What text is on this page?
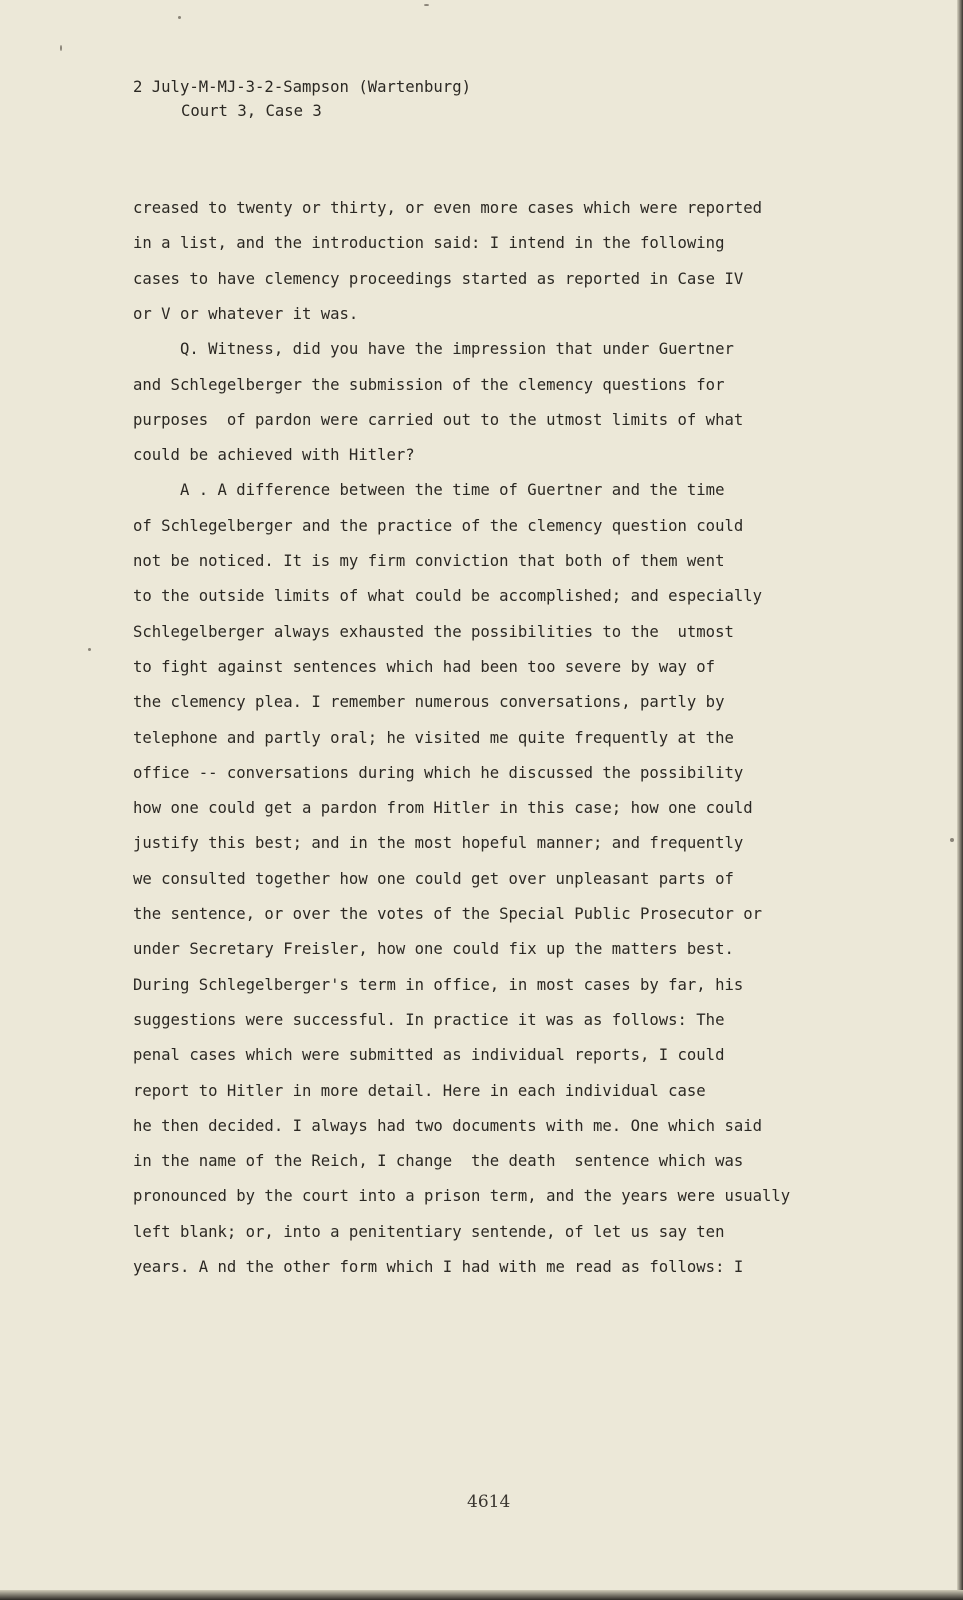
2 July-M-MJ-3-2-Sampson (Wartenburg)
Court 3, Case 3
creased to twenty or thirty, or even more cases which were reported
in a list, and the introduction said: I intend in the following
cases to have clemency proceedings started as reported in Case IV
or V or whatever it was.
Q. Witness, did you have the impression that under Guertner
and Schlegelberger the submission of the clemency questions for
purposes  of pardon were carried out to the utmost limits of what
could be achieved with Hitler?
A . A difference between the time of Guertner and the time
of Schlegelberger and the practice of the clemency question could
not be noticed. It is my firm conviction that both of them went
to the outside limits of what could be accomplished; and especially
Schlegelberger always exhausted the possibilities to the  utmost
to fight against sentences which had been too severe by way of
the clemency plea. I remember numerous conversations, partly by
telephone and partly oral; he visited me quite frequently at the
office -- conversations during which he discussed the possibility
how one could get a pardon from Hitler in this case; how one could
justify this best; and in the most hopeful manner; and frequently
we consulted together how one could get over unpleasant parts of
the sentence, or over the votes of the Special Public Prosecutor or
under Secretary Freisler, how one could fix up the matters best.
During Schlegelberger's term in office, in most cases by far, his
suggestions were successful. In practice it was as follows: The
penal cases which were submitted as individual reports, I could
report to Hitler in more detail. Here in each individual case
he then decided. I always had two documents with me. One which said
in the name of the Reich, I change  the death  sentence which was
pronounced by the court into a prison term, and the years were usually
left blank; or, into a penitentiary sentende, of let us say ten
years. A nd the other form which I had with me read as follows: I
4614
